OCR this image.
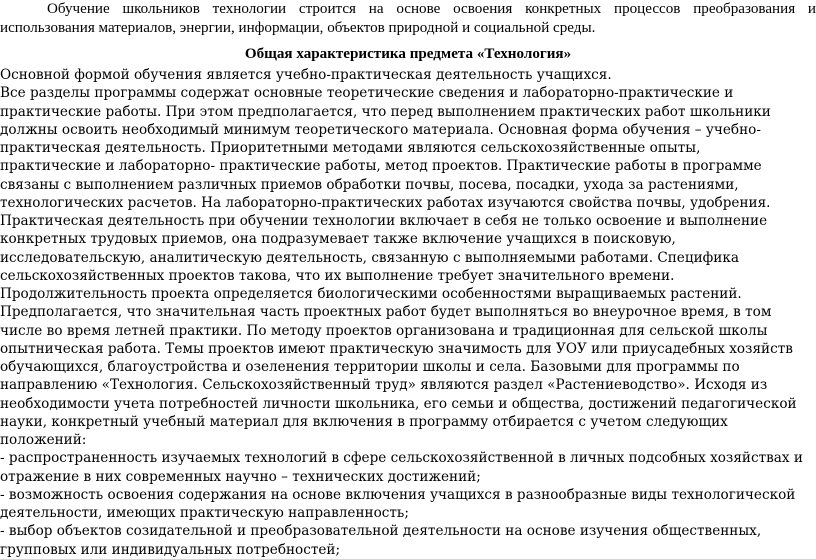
Обучение школьников технологии строится на основе освоения конкретных процессов преобразования и использования материалов, энергии, информации, объектов природной и социальной среды.

Общая характеристика предмета «Технология»

Основной формой обучения является учебно-практическая деятельность учащихся.

Все разделы программы содержат основные теоретические сведения и лабораторно-практические и практические работы. При этом предполагается, что перед выполнением практических работ школьники должны освоить необходимый минимум теоретического материала. Основная форма обучения – учебно-практическая деятельность. Приоритетными методами являются сельскохозяйственные опыты, практические и лабораторно- практические работы, метод проектов. Практические работы в программе связаны с выполнением различных приемов обработки почвы, посева, посадки, ухода за растениями, технологических расчетов. На лабораторно-практических работах изучаются свойства почвы, удобрения. Практическая деятельность при обучении технологии включает в себя не только освоение и выполнение конкретных трудовых приемов, она подразумевает также включение учащихся в поисковую, исследовательскую, аналитическую деятельность, связанную с выполняемыми работами. Специфика сельскохозяйственных проектов такова, что их выполнение требует значительного времени. Продолжительность проекта определяется биологическими особенностями выращиваемых растений. Предполагается, что значительная часть проектных работ будет выполняться во внеурочное время, в том числе во время летней практики. По методу проектов организована и традиционная для сельской школы опытническая работа. Темы проектов имеют практическую значимость для УОУ или приусадебных хозяйств обучающихся, благоустройства и озеленения территории школы и села. Базовыми для программы по направлению «Технология. Сельскохозяйственный труд» являются раздел «Растениеводство». Исходя из необходимости учета потребностей личности школьника, его семьи и общества, достижений педагогической науки, конкретный учебный материал для включения в программу отбирается с учетом следующих положений:

- распространенность изучаемых технологий в сфере сельскохозяйственной в личных подсобных хозяйствах и отражение в них современных научно – технических достижений;

- возможность освоения содержания на основе включения учащихся в разнообразные виды технологической деятельности, имеющих практическую направленность;

- выбор объектов созидательной и преобразовательной деятельности на основе изучения общественных, групповых или индивидуальных потребностей;
